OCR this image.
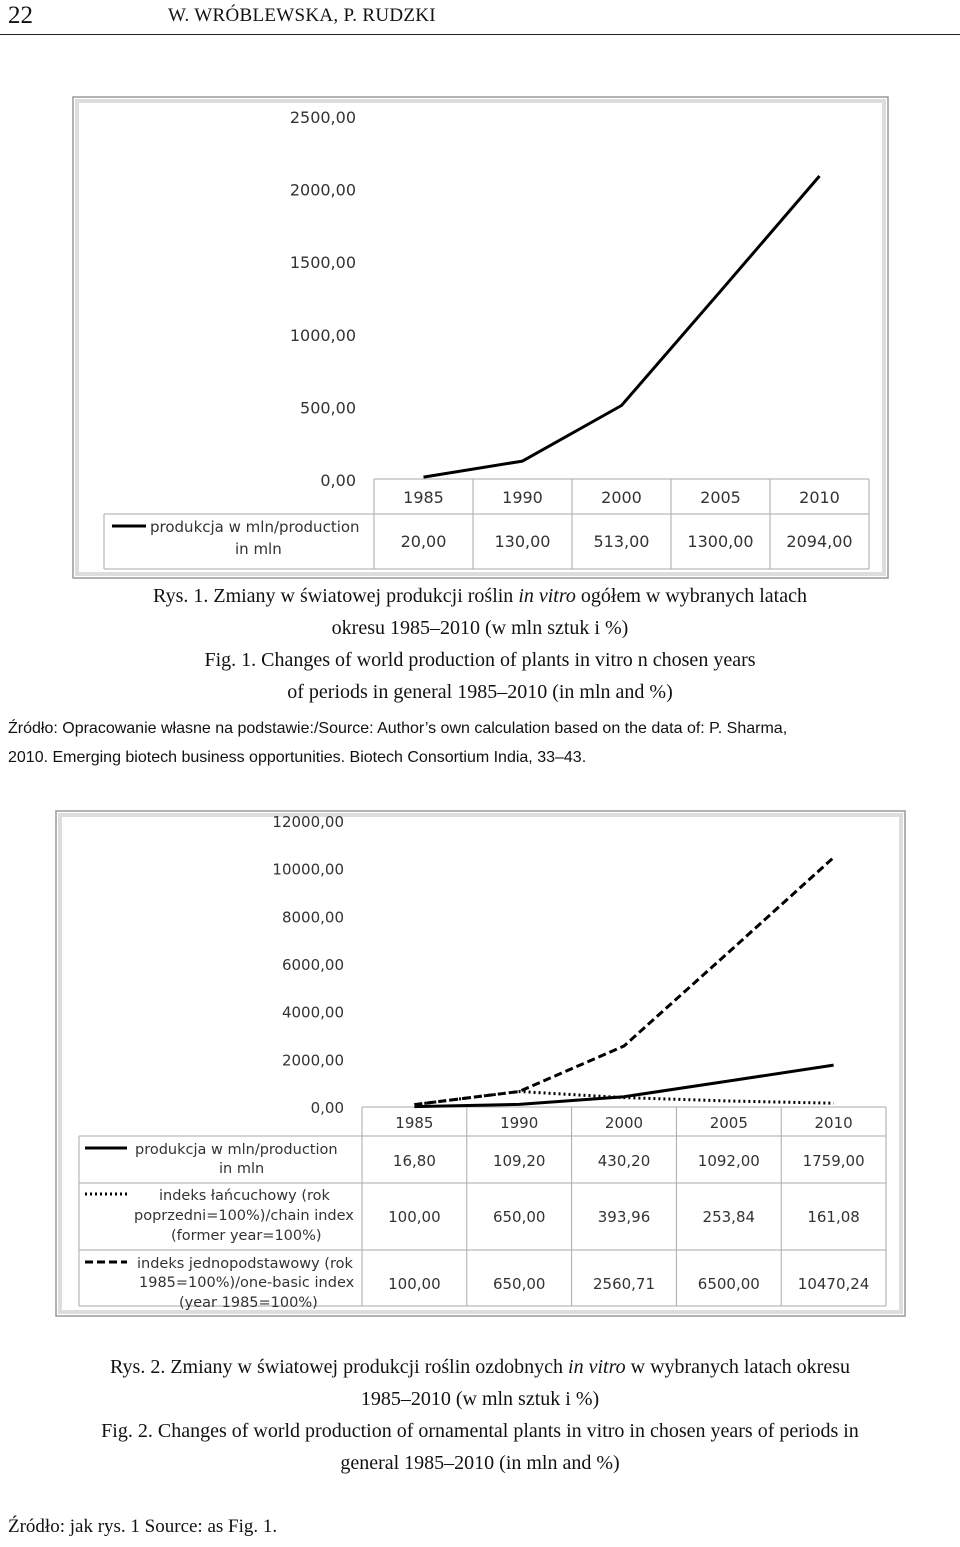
22	W. WRÓBLEWSKA, P. RUDZKI
0,00
500,00
1000,00
1500,00
2000,00
2500,00
1985
20,00
1990
130,00
2000
513,00
2005
1300,00
2010
2094,00
produkcja w mln/production
in mln
Rys. 1. Zmiany w światowej produkcji roślin in vitro ogółem w wybranych latach
okresu 1985–2010 (w mln sztuk i %)
Fig. 1. Changes of world production of plants in vitro n chosen years
of periods in general 1985–2010 (in mln and %)
Źródło: Opracowanie własne na podstawie:/Source: Author’s own calculation based on the data of: P. Sharma,
2010. Emerging biotech business opportunities. Biotech Consortium India, 33–43.
0,00
2000,00
4000,00
6000,00
8000,00
10000,00
12000,00
1985
16,80
100,00
100,00
1990
109,20
650,00
650,00
2000
430,20
393,96
2560,71
2005
1092,00
253,84
6500,00
2010
1759,00
161,08
10470,24
produkcja w mln/production
in mln
indeks łańcuchowy (rok
poprzedni=100%)/chain index
(former year=100%)
indeks jednopodstawowy (rok
1985=100%)/one-basic index
(year 1985=100%)
Rys. 2. Zmiany w światowej produkcji roślin ozdobnych in vitro w wybranych latach okresu
1985–2010 (w mln sztuk i %)
Fig. 2. Changes of world production of ornamental plants in vitro in chosen years of periods in
general 1985–2010 (in mln and %)
Źródło: jak rys. 1 Source: as Fig. 1.
